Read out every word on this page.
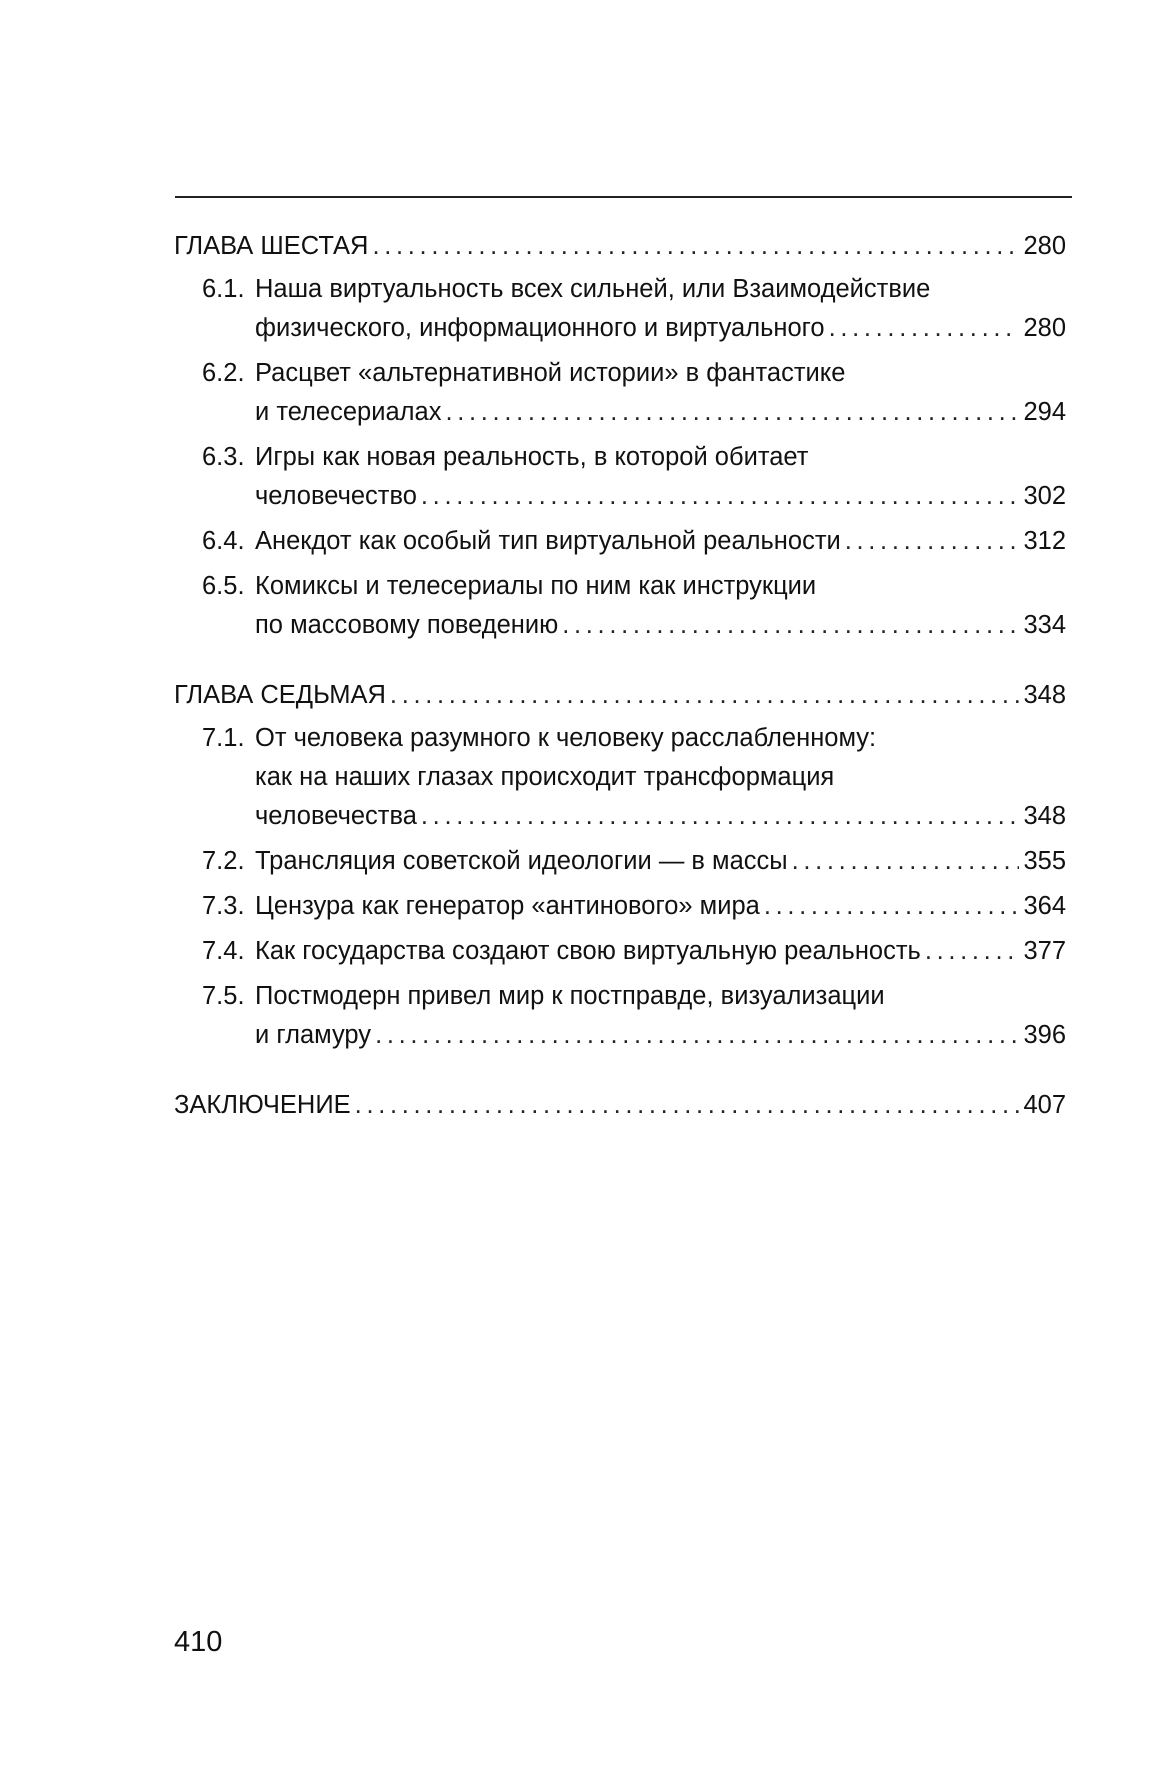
ГЛАВА ШЕСТАЯ . . .	280
6.1. Наша виртуальность всех сильней, или Взаимодействие
физического, информационного и виртуального . . .	280
6.2. Расцвет «альтернативной истории» в фантастике
и телесериалах . . .	294
6.3. Игры как новая реальность, в которой обитает
человечество . . .	302
6.4. Анекдот как особый тип виртуальной реальности . . .	312
6.5. Комиксы и телесериалы по ним как инструкции
по массовому поведению . . .	334
ГЛАВА СЕДЬМАЯ . . .	348
7.1. От человека разумного к человеку расслабленному:
как на наших глазах происходит трансформация
человечества . . .	348
7.2. Трансляция советской идеологии — в массы . . .	355
7.3. Цензура как генератор «антинового» мира . . .	364
7.4. Как государства создают свою виртуальную реальность . . .	377
7.5. Постмодерн привел мир к постправде, визуализации
и гламуру . . .	396
ЗАКЛЮЧЕНИЕ . . .	407
410
